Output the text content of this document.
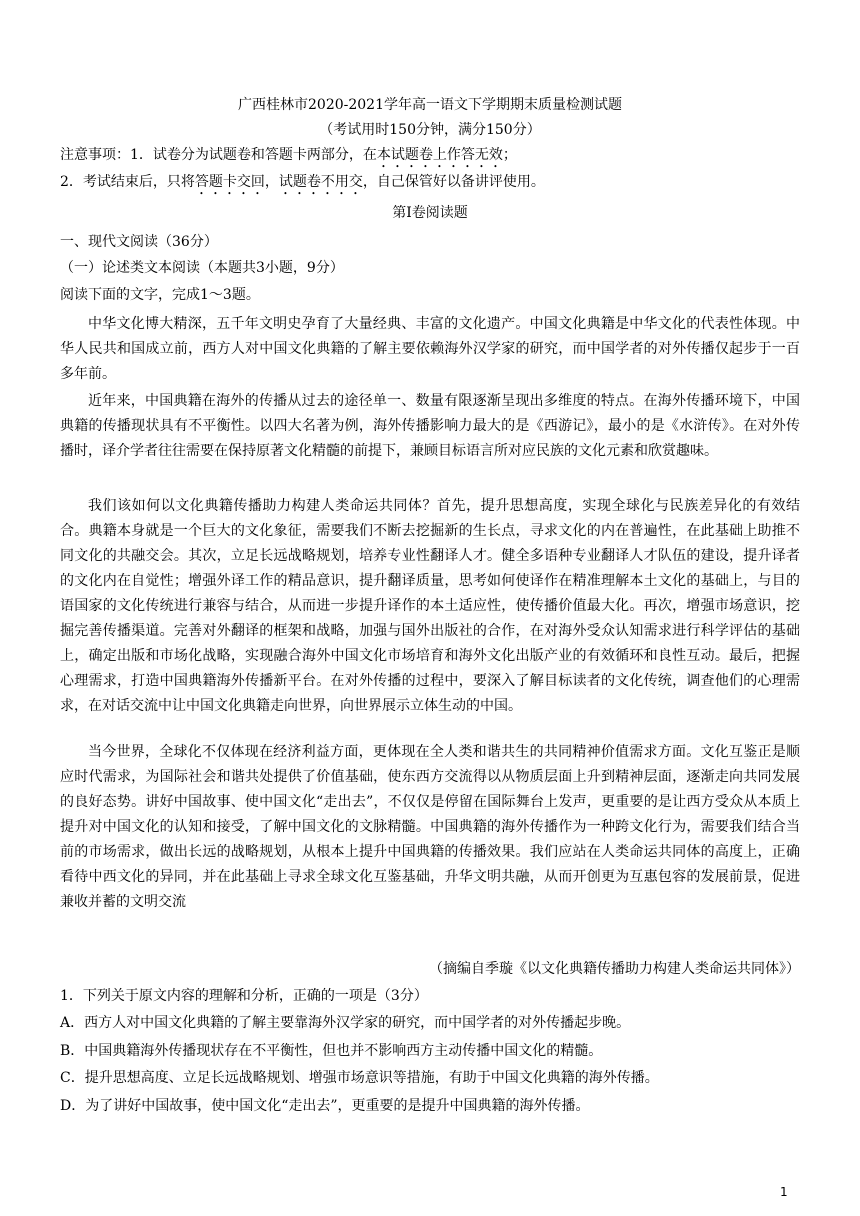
广西桂林市2020-2021学年高一语文下学期期末质量检测试题
（考试用时150分钟，满分150分）
注意事项：1．试卷分为试题卷和答题卡两部分，在本试题卷上作答无效；
2．考试结束后，只将答题卡交回，试题卷不用交，自己保管好以备讲评使用。
第Ⅰ卷阅读题
一、现代文阅读（36分）
（一）论述类文本阅读（本题共3小题，9分）
阅读下面的文字，完成1～3题。
中华文化博大精深，五千年文明史孕育了大量经典、丰富的文化遗产。中国文化典籍是中华文化的代表性体现。中华人民共和国成立前，西方人对中国文化典籍的了解主要依赖海外汉学家的研究，而中国学者的对外传播仅起步于一百多年前。
近年来，中国典籍在海外的传播从过去的途径单一、数量有限逐渐呈现出多维度的特点。在海外传播环境下，中国典籍的传播现状具有不平衡性。以四大名著为例，海外传播影响力最大的是《西游记》，最小的是《水浒传》。在对外传播时，译介学者往往需要在保持原著文化精髓的前提下，兼顾目标语言所对应民族的文化元素和欣赏趣味。
我们该如何以文化典籍传播助力构建人类命运共同体？首先，提升思想高度，实现全球化与民族差异化的有效结合。典籍本身就是一个巨大的文化象征，需要我们不断去挖掘新的生长点，寻求文化的内在普遍性，在此基础上助推不同文化的共融交会。其次，立足长远战略规划，培养专业性翻译人才。健全多语种专业翻译人才队伍的建设，提升译者的文化内在自觉性；增强外译工作的精品意识，提升翻译质量，思考如何使译作在精准理解本土文化的基础上，与目的语国家的文化传统进行兼容与结合，从而进一步提升译作的本土适应性，使传播价值最大化。再次，增强市场意识，挖掘完善传播渠道。完善对外翻译的框架和战略，加强与国外出版社的合作，在对海外受众认知需求进行科学评估的基础上，确定出版和市场化战略，实现融合海外中国文化市场培育和海外文化出版产业的有效循环和良性互动。最后，把握心理需求，打造中国典籍海外传播新平台。在对外传播的过程中，要深入了解目标读者的文化传统，调查他们的心理需求，在对话交流中让中国文化典籍走向世界，向世界展示立体生动的中国。
当今世界，全球化不仅体现在经济利益方面，更体现在全人类和谐共生的共同精神价值需求方面。文化互鉴正是顺应时代需求，为国际社会和谐共处提供了价值基础，使东西方交流得以从物质层面上升到精神层面，逐渐走向共同发展的良好态势。讲好中国故事、使中国文化“走出去”，不仅仅是停留在国际舞台上发声，更重要的是让西方受众从本质上提升对中国文化的认知和接受，了解中国文化的文脉精髓。中国典籍的海外传播作为一种跨文化行为，需要我们结合当前的市场需求，做出长远的战略规划，从根本上提升中国典籍的传播效果。我们应站在人类命运共同体的高度上，正确看待中西文化的异同，并在此基础上寻求全球文化互鉴基础，升华文明共融，从而开创更为互惠包容的发展前景，促进兼收并蓄的文明交流
（摘编自季璇《以文化典籍传播助力构建人类命运共同体》）
1．下列关于原文内容的理解和分析，正确的一项是（3分）
A．西方人对中国文化典籍的了解主要靠海外汉学家的研究，而中国学者的对外传播起步晚。
B．中国典籍海外传播现状存在不平衡性，但也并不影响西方主动传播中国文化的精髓。
C．提升思想高度、立足长远战略规划、增强市场意识等措施，有助于中国文化典籍的海外传播。
D．为了讲好中国故事，使中国文化“走出去”，更重要的是提升中国典籍的海外传播。
1
